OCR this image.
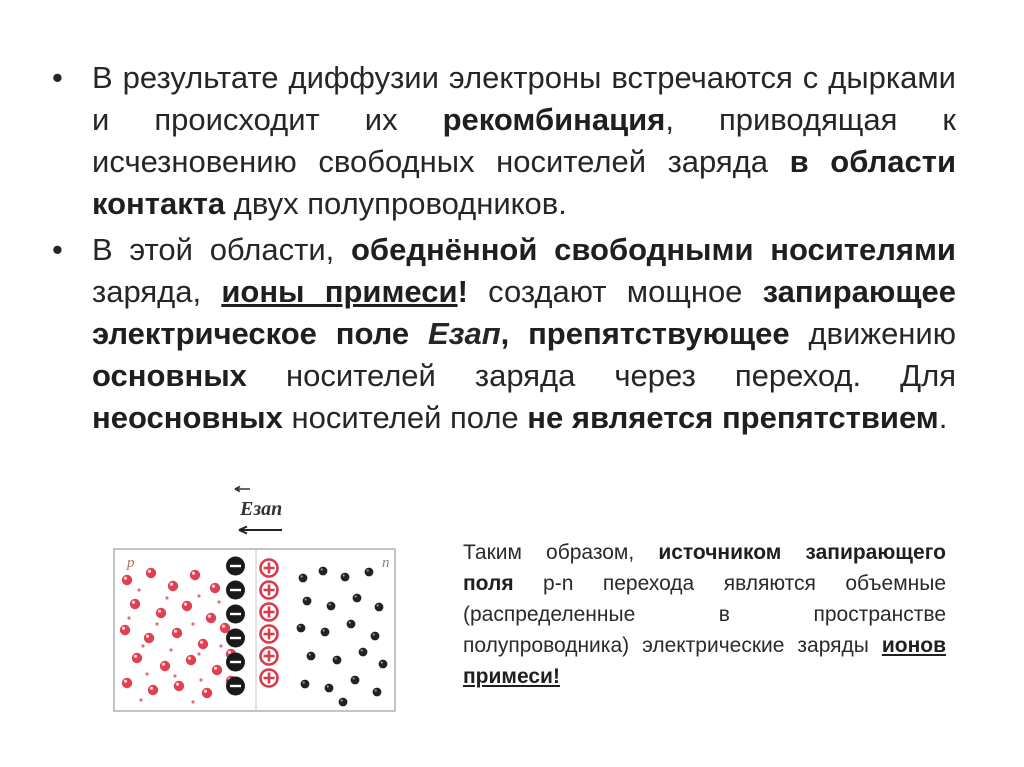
• В результате диффузии электроны встречаются с дырками и происходит их рекомбинация, приводящая к исчезновению свободных носителей заряда в области контакта двух полупроводников.
• В этой области, обеднённой свободными носителями заряда, ионы примеси! создают мощное запирающее электрическое поле Езап, препятствующее движению основных носителей заряда через переход. Для неосновных носителей поле не является препятствием.
Eзап
p	n	Таким образом, источником запирающего поля p-n перехода являются объемные (распределенные в пространстве полупроводника) электрические заряды ионов примеси!
